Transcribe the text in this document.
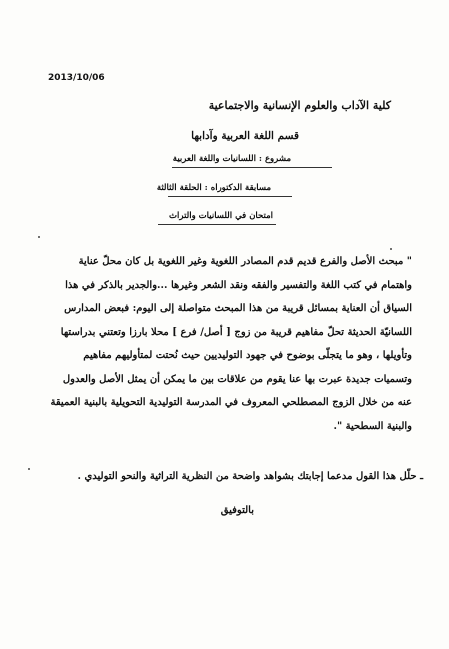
2013/10/06
كلية الآداب والعلوم الإنسانية والاجتماعية
قسم اللغة العربية وآدابها
مشروع : اللسانيات واللغة العربية
مسابقة الدكتوراه : الحلقة الثالثة
امتحان في اللسانيات والتراث
" مبحث الأصل والفرع قديم قدم المصادر اللغوية وغير اللغوية بل كان محلّ عناية
واهتمام في كتب اللغة والتفسير والفقه ونقد الشعر وغيرها ...والجدير بالذكر في هذا
السياق أن العناية بمسائل قريبة من هذا المبحث متواصلة إلى اليوم: فبعض المدارس
اللسانيّة الحديثة تحلّ مفاهيم قريبة من زوج [ أصل/ فرع ] محلا بارزا وتعتني بدراستها
وتأويلها ، وهو ما يتجلّى بوضوح في جهود التوليديين حيث نُحتت لمتأوليهم مفاهيم
وتسميات جديدة عبرت بها عنا يقوم من علاقات بين ما يمكن أن يمثل الأصل والعدول
عنه من خلال الزوج المصطلحي المعروف في المدرسة التوليدية التحويلية بالبنية العميقة
والبنية السطحية ".
ـ حلّل هذا القول مدعما إجابتك بشواهد واضحة من النظرية التراثية والنحو التوليدي .
بالتوفيق
